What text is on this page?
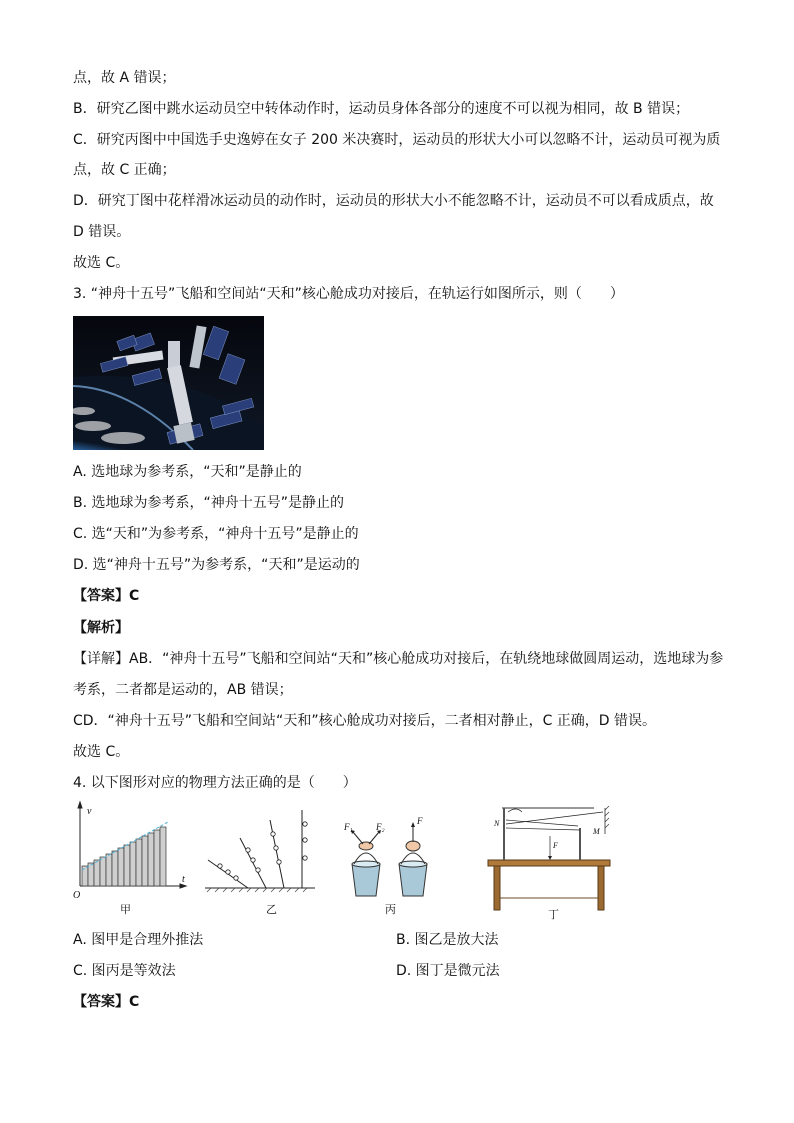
点，故 A 错误；
B．研究乙图中跳水运动员空中转体动作时，运动员身体各部分的速度不可以视为相同，故 B 错误；
C．研究丙图中中国选手史逸婷在女子 200 米决赛时，运动员的形状大小可以忽略不计，运动员可视为质
点，故 C 正确；
D．研究丁图中花样滑冰运动员的动作时，运动员的形状大小不能忽略不计，运动员不可以看成质点，故
D 错误。
故选 C。
3. “神舟十五号”飞船和空间站“天和”核心舱成功对接后，在轨运行如图所示，则（　　）
A. 选地球为参考系，“天和”是静止的
B. 选地球为参考系，“神舟十五号”是静止的
C. 选“天和”为参考系，“神舟十五号”是静止的
D. 选“神舟十五号”为参考系，“天和”是运动的
【答案】C
【解析】
【详解】AB．“神舟十五号”飞船和空间站“天和”核心舱成功对接后，在轨绕地球做圆周运动，选地球为参
考系，二者都是运动的，AB 错误；
CD．“神舟十五号”飞船和空间站“天和”核心舱成功对接后，二者相对静止，C 正确，D 错误。
故选 C。
4. 以下图形对应的物理方法正确的是（　　）
v
t
O
甲	乙
F₁	F₂
F
丙
N
M
F
丁
A. 图甲是合理外推法	B. 图乙是放大法
C. 图丙是等效法	D. 图丁是微元法
【答案】C
